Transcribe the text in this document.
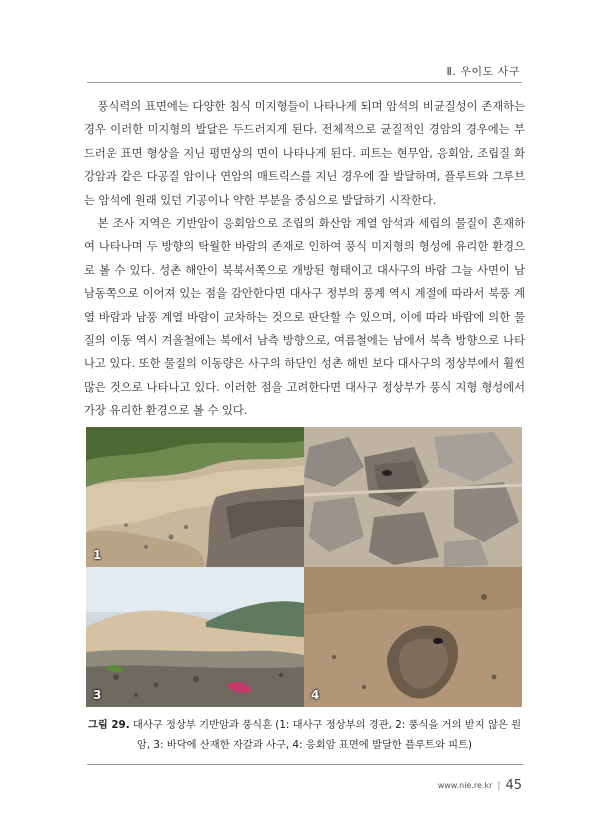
Ⅱ. 우이도 사구

풍식력의 표면에는 다양한 침식 미지형들이 나타나게 되며 암석의 비균질성이 존재하는 경우 이러한 미지형의 발달은 두드러지게 된다. 전체적으로 균질적인 경암의 경우에는 부드러운 표면 형상을 지닌 평면상의 면이 나타나게 된다. 피트는 현무암, 응회암, 조립질 화강암과 같은 다공질 암이나 연암의 매트릭스를 지닌 경우에 잘 발달하며, 플루트와 그루브는 암석에 원래 있던 기공이나 약한 부분을 중심으로 발달하기 시작한다.

본 조사 지역은 기반암이 응회암으로 조립의 화산암 계열 암석과 세립의 물질이 혼재하여 나타나며 두 방향의 탁월한 바람의 존재로 인하여 풍식 미지형의 형성에 유리한 환경으로 볼 수 있다. 성촌 해안이 북북서쪽으로 개방된 형태이고 대사구의 바람 그늘 사면이 남남동쪽으로 이어져 있는 점을 감안한다면 대사구 정부의 풍계 역시 계절에 따라서 북풍 계열 바람과 남풍 계열 바람이 교차하는 것으로 판단할 수 있으며, 이에 따라 바람에 의한 물질의 이동 역시 겨울철에는 북에서 남측 방향으로, 여름철에는 남에서 북측 방향으로 나타나고 있다. 또한 물질의 이동량은 사구의 하단인 성촌 해빈 보다 대사구의 정상부에서 훨씬 많은 것으로 나타나고 있다. 이러한 점을 고려한다면 대사구 정상부가 풍식 지형 형성에서 가장 유리한 환경으로 볼 수 있다.

1
3	4
그림 29. 대사구 정상부 기반암과 풍식흔 (1: 대사구 정상부의 경관, 2: 풍식을 거의 받지 않은 원암, 3: 바닥에 산재한 자갈과 사구, 4: 응회암 표면에 발달한 플루트와 피트)
www.nie.re.kr | 45
